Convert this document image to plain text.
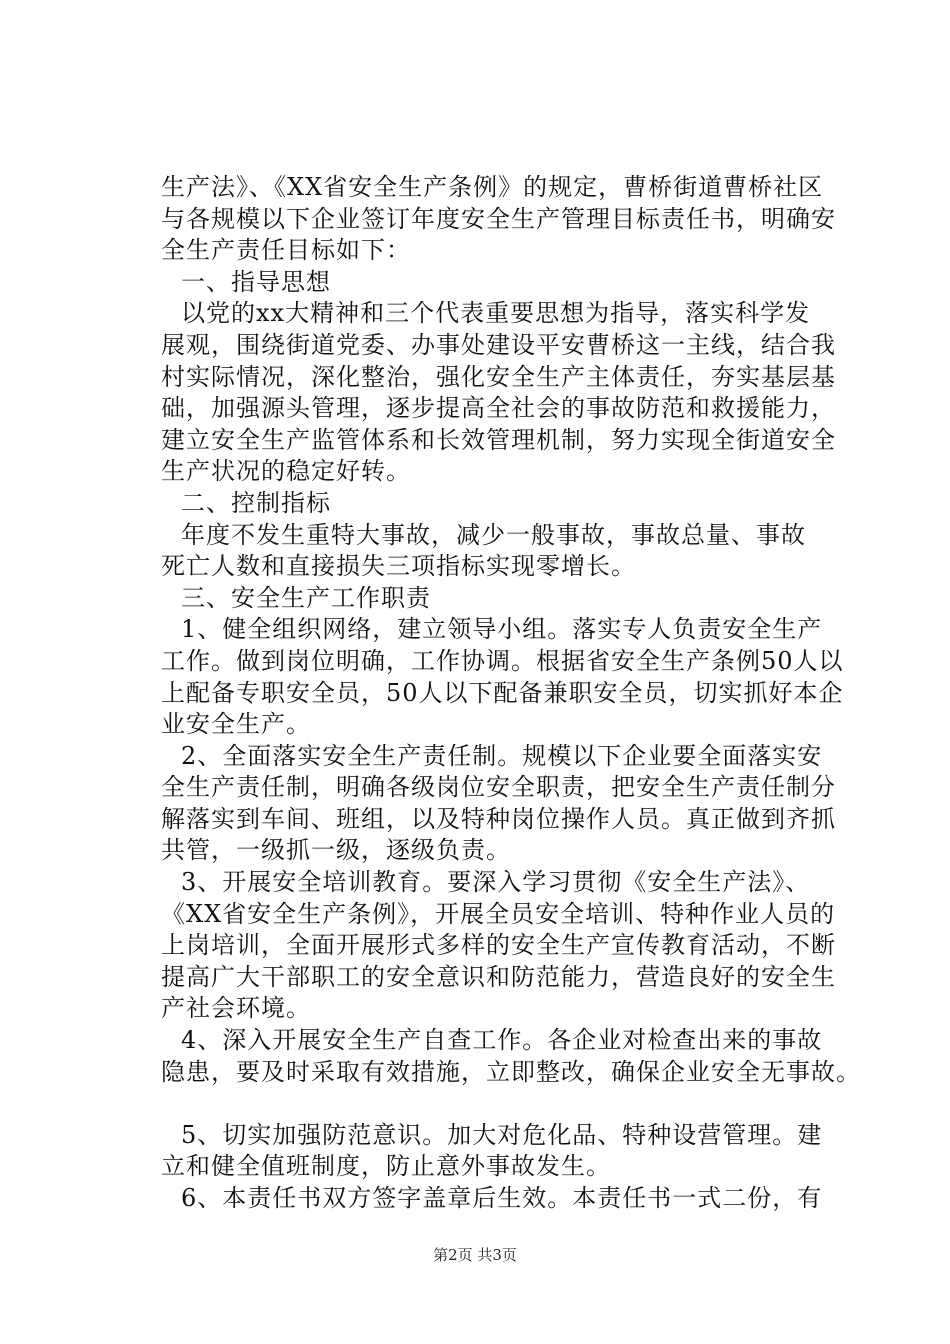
生产法》、《XX省安全生产条例》的规定，曹桥街道曹桥社区
与各规模以下企业签订年度安全生产管理目标责任书，明确安
全生产责任目标如下：
一、指导思想
以党的xx大精神和三个代表重要思想为指导，落实科学发
展观，围绕街道党委、办事处建设平安曹桥这一主线，结合我
村实际情况，深化整治，强化安全生产主体责任，夯实基层基
础，加强源头管理，逐步提高全社会的事故防范和救援能力，
建立安全生产监管体系和长效管理机制，努力实现全街道安全
生产状况的稳定好转。
二、控制指标
年度不发生重特大事故，减少一般事故，事故总量、事故
死亡人数和直接损失三项指标实现零增长。
三、安全生产工作职责
1、健全组织网络，建立领导小组。落实专人负责安全生产
工作。做到岗位明确，工作协调。根据省安全生产条例50人以
上配备专职安全员，50人以下配备兼职安全员，切实抓好本企
业安全生产。
2、全面落实安全生产责任制。规模以下企业要全面落实安
全生产责任制，明确各级岗位安全职责，把安全生产责任制分
解落实到车间、班组，以及特种岗位操作人员。真正做到齐抓
共管，一级抓一级，逐级负责。
3、开展安全培训教育。要深入学习贯彻《安全生产法》、
《XX省安全生产条例》，开展全员安全培训、特种作业人员的
上岗培训，全面开展形式多样的安全生产宣传教育活动，不断
提高广大干部职工的安全意识和防范能力，营造良好的安全生
产社会环境。
4、深入开展安全生产自查工作。各企业对检查出来的事故
隐患，要及时采取有效措施，立即整改，确保企业安全无事故。
5、切实加强防范意识。加大对危化品、特种设营管理。建
立和健全值班制度，防止意外事故发生。
6、本责任书双方签字盖章后生效。本责任书一式二份，有
第2页 共3页
